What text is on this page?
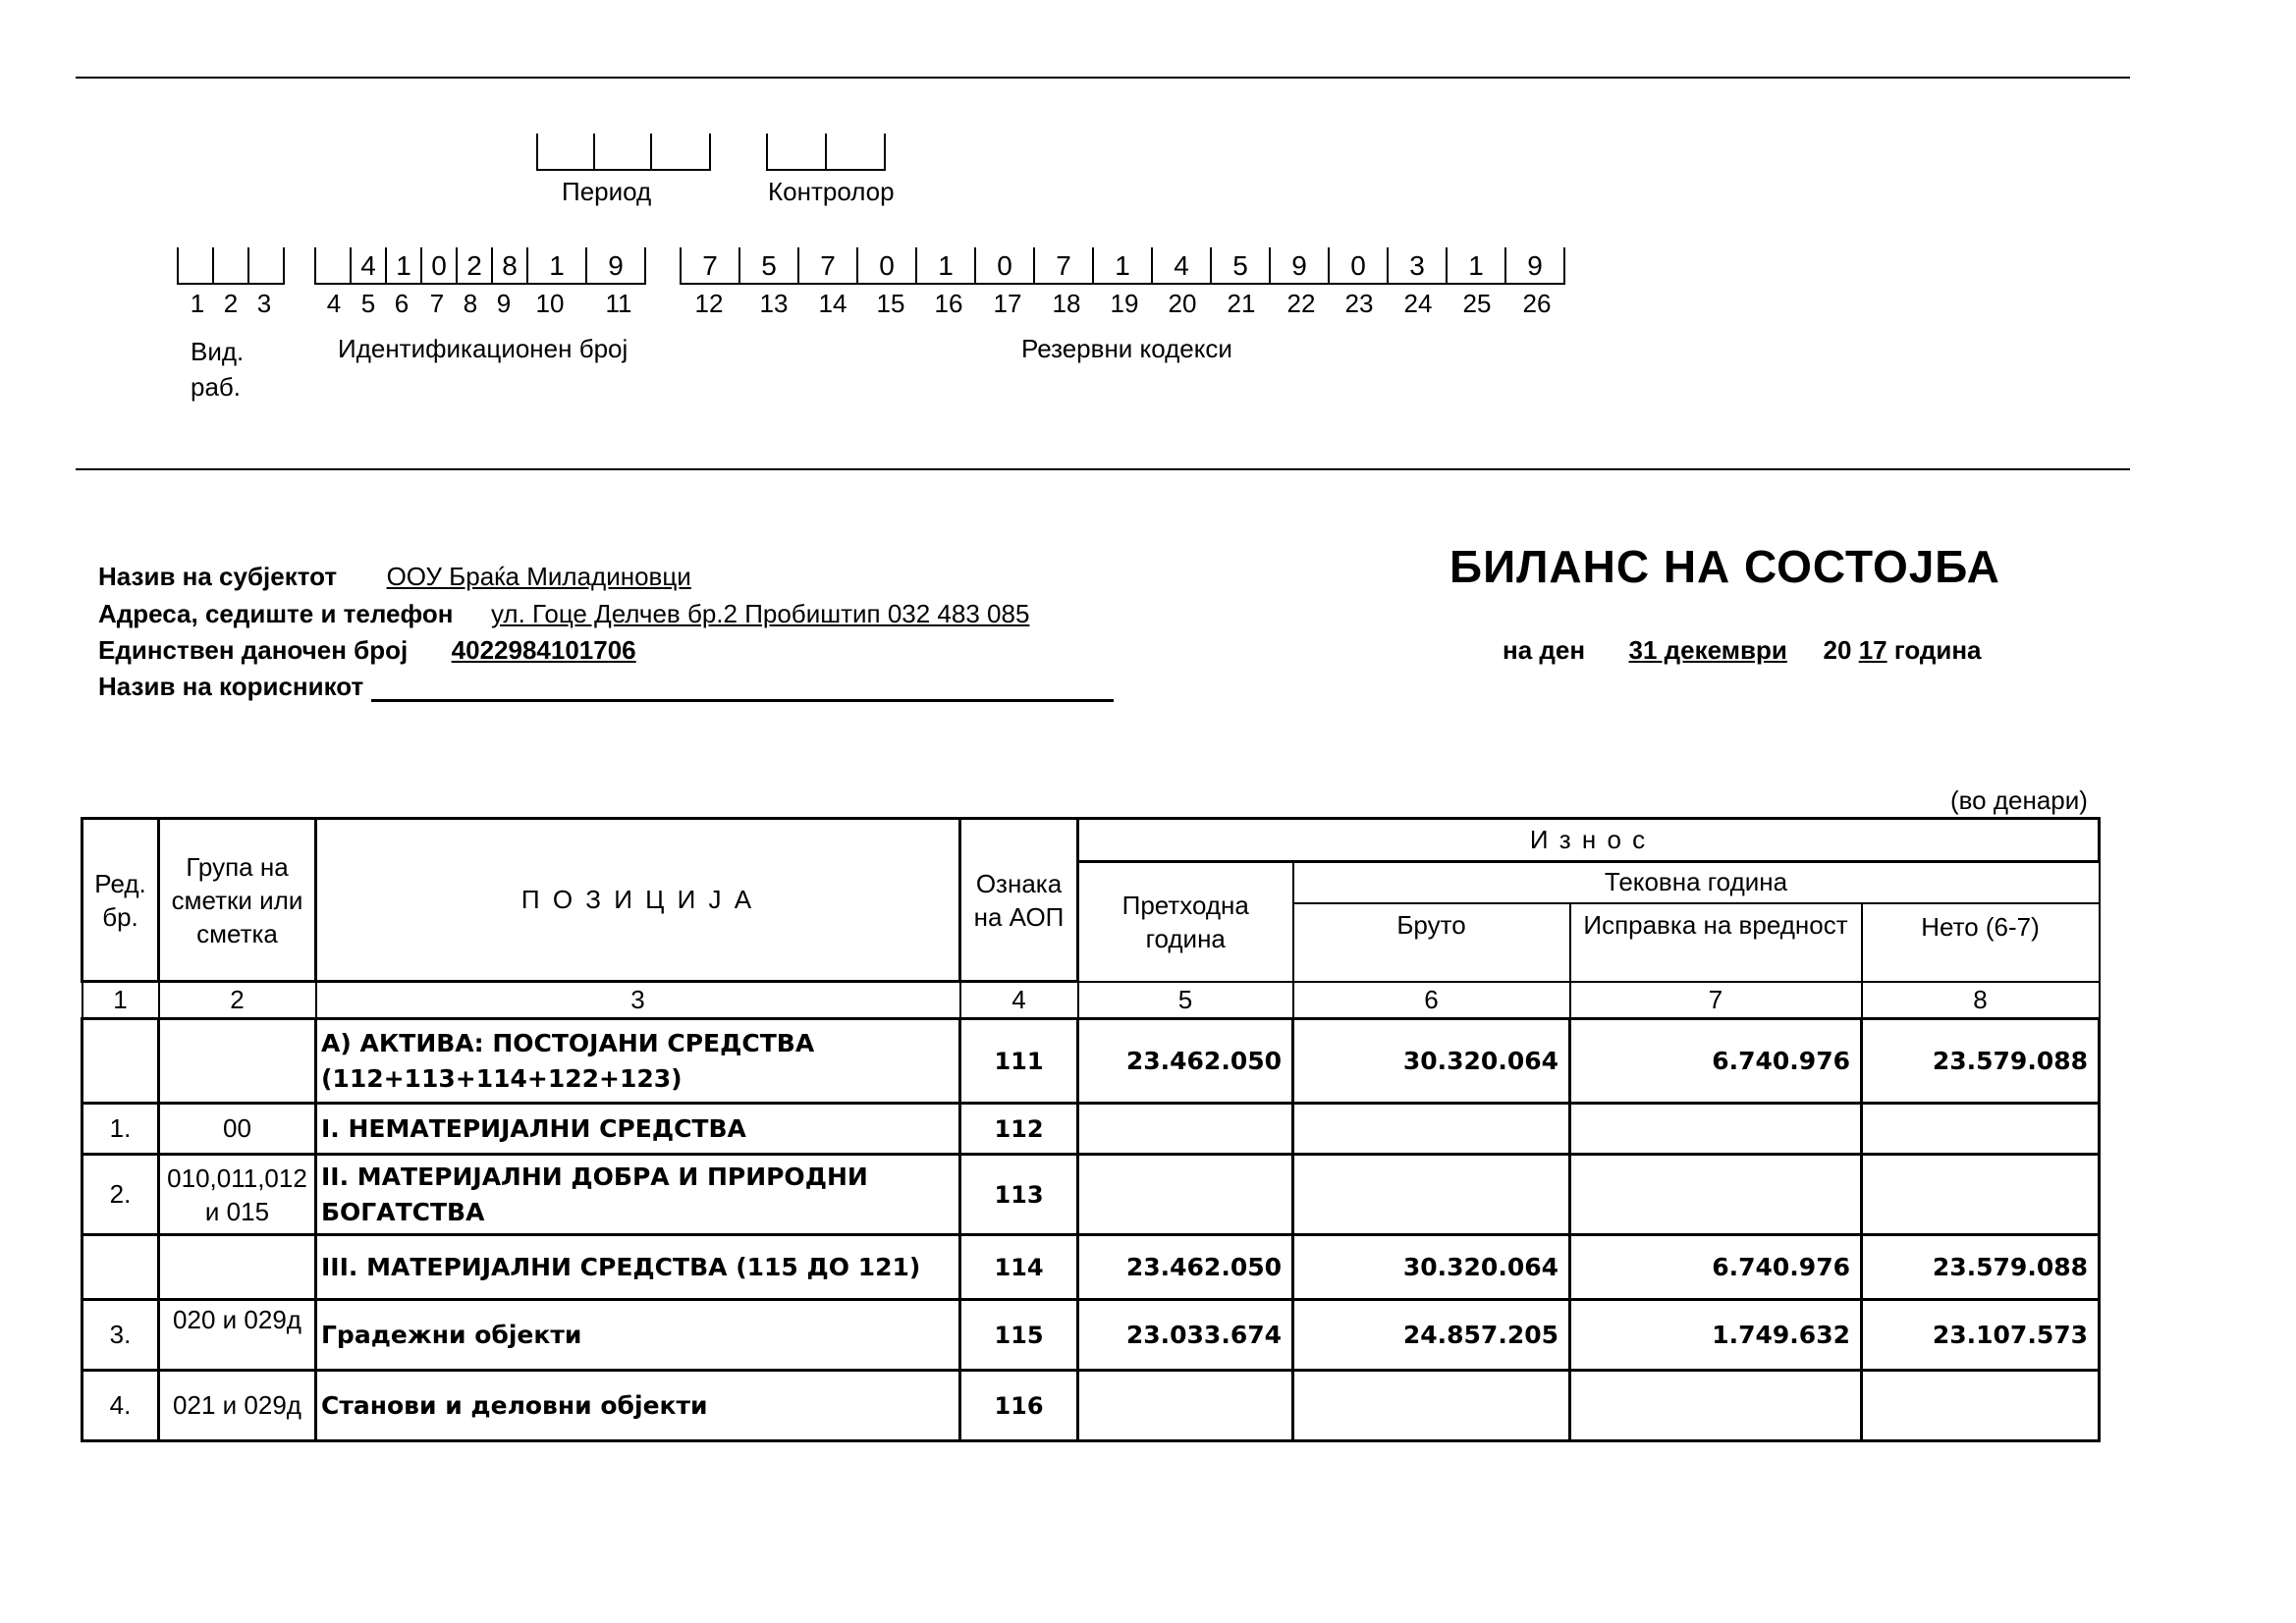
Период	Контролор
4 1 0 2 8	1	9	7	5	7	0	1	0	7	1	4	5	9	0	3	1	9
1 2 3	4 5 6 7 8 9 10 11 12 13 14 15 16 17 18 19 20 21 22 23 24 25 26
Вид. раб.
Идентификационен број	Резервни кодекси
Назив на субјектот ООУ Браќа Миладиновци
Адреса, седиште и телефон ул. Гоце Делчев бр.2 Пробиштип 032 483 085
Единствен даночен број 4022984101706
Назив на корисникот
БИЛАНС НА СОСТОЈБА
на ден 31 декември 20 17 година
(во денари)
Ред. бр.	Група на сметки или сметка	П О З И Ц И Ј А	Ознака на АОП	И з н о с			
				Претходна година	Тековна година		
					Бруто	Исправка на вредност	Нето (6-7)
1	2	3	4	5	6	7	8
		А) АКТИВА: ПОСТОЈАНИ СРЕДСТВА (112+113+114+122+123)	111	23.462.050	30.320.064	6.740.976	23.579.088
1.	00	I. НЕМАТЕРИЈАЛНИ СРЕДСТВА	112				
2.	010,011,012 и 015	II. МАТЕРИЈАЛНИ ДОБРА И ПРИРОДНИ БОГАТСТВА	113				
		III. МАТЕРИЈАЛНИ СРЕДСТВА (115 ДО 121)	114	23.462.050	30.320.064	6.740.976	23.579.088
3.	020 и 029д	Градежни објекти	115	23.033.674	24.857.205	1.749.632	23.107.573
4.	021 и 029д	Станови и деловни објекти	116				
